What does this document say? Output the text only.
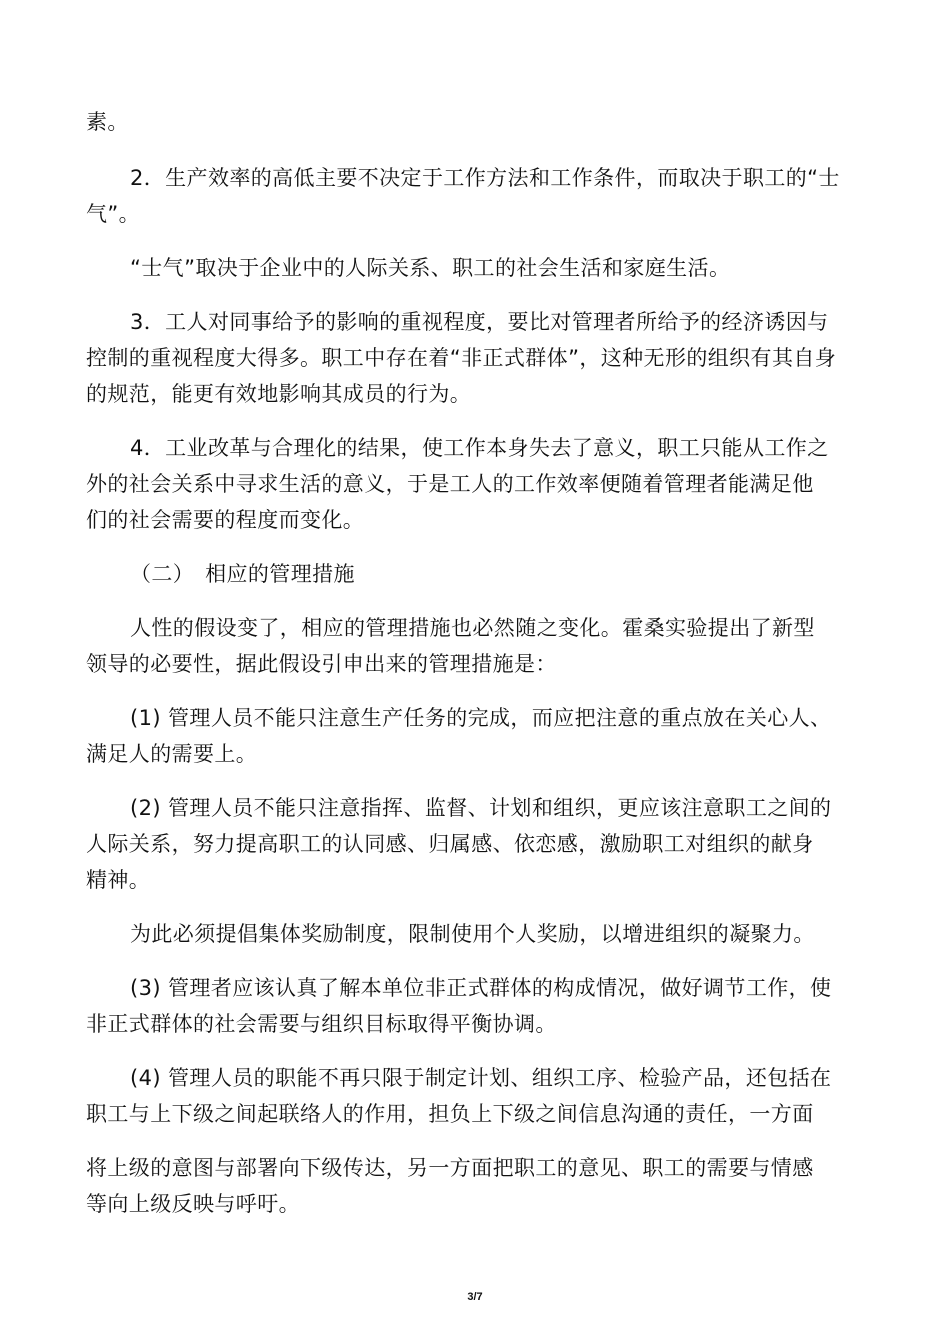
素。
2．生产效率的高低主要不决定于工作方法和工作条件，而取决于职工的“士
气”。
“士气”取决于企业中的人际关系、职工的社会生活和家庭生活。
3．工人对同事给予的影响的重视程度，要比对管理者所给予的经济诱因与
控制的重视程度大得多。职工中存在着“非正式群体”，这种无形的组织有其自身
的规范，能更有效地影响其成员的行为。
4．工业改革与合理化的结果，使工作本身失去了意义，职工只能从工作之
外的社会关系中寻求生活的意义，于是工人的工作效率便随着管理者能满足他
们的社会需要的程度而变化。
（二）　相应的管理措施
人性的假设变了，相应的管理措施也必然随之变化。霍桑实验提出了新型
领导的必要性，据此假设引申出来的管理措施是：
(1) 管理人员不能只注意生产任务的完成，而应把注意的重点放在关心人、
满足人的需要上。
(2) 管理人员不能只注意指挥、监督、计划和组织，更应该注意职工之间的
人际关系，努力提高职工的认同感、归属感、依恋感，激励职工对组织的献身
精神。
为此必须提倡集体奖励制度，限制使用个人奖励，以增进组织的凝聚力。
(3) 管理者应该认真了解本单位非正式群体的构成情况，做好调节工作，使
非正式群体的社会需要与组织目标取得平衡协调。
(4) 管理人员的职能不再只限于制定计划、组织工序、检验产品，还包括在
职工与上下级之间起联络人的作用，担负上下级之间信息沟通的责任，一方面
将上级的意图与部署向下级传达，另一方面把职工的意见、职工的需要与情感
等向上级反映与呼吁。
3/7
